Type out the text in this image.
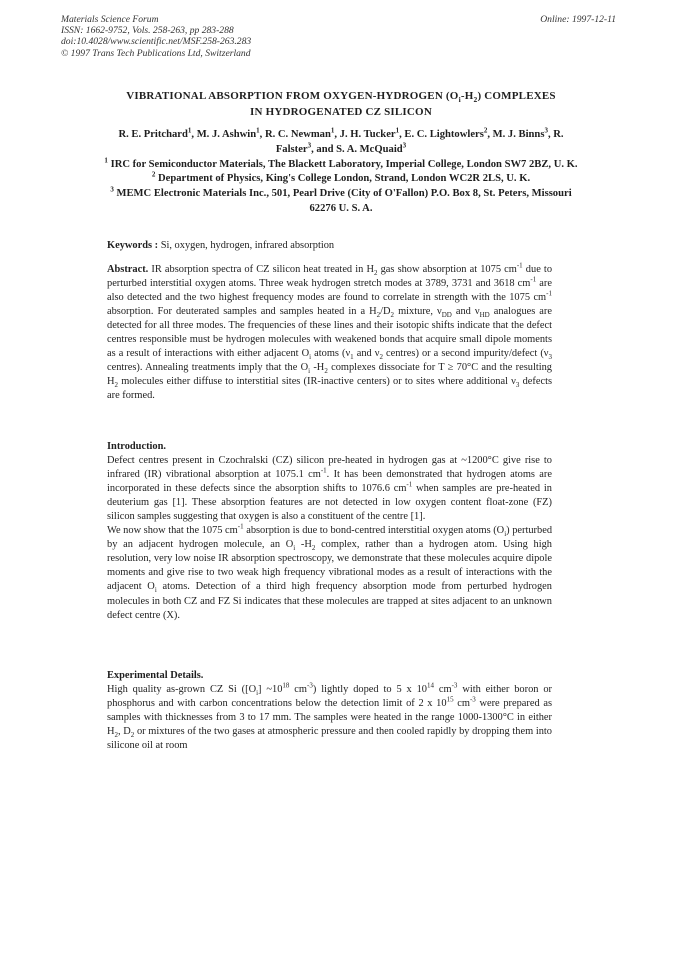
Materials Science Forum
ISSN: 1662-9752, Vols. 258-263, pp 283-288
doi:10.4028/www.scientific.net/MSF.258-263.283
© 1997 Trans Tech Publications Ltd, Switzerland
Online: 1997-12-11
VIBRATIONAL ABSORPTION FROM OXYGEN-HYDROGEN $(O_i-H_2)$ COMPLEXES
IN HYDROGENATED CZ SILICON
R. E. Pritchard$^1$, M. J. Ashwin$^1$, R. C. Newman$^1$, J. H. Tucker$^1$, E. C. Lightowlers$^2$, M. J. Binns$^3$, R. Falster$^3$, and S. A. McQuaid$^3$
$^1$ IRC for Semiconductor Materials, The Blackett Laboratory, Imperial College, London SW7 2BZ, U. K.
$^2$ Department of Physics, King's College London, Strand, London WC2R 2LS, U. K.
$^3$ MEMC Electronic Materials Inc., 501, Pearl Drive (City of O'Fallon) P.O. Box 8, St. Peters, Missouri 62276 U. S. A.
Keywords : Si, oxygen, hydrogen, infrared absorption

Abstract. IR absorption spectra of CZ silicon heat treated in $H_2$ gas show absorption at 1075 $cm^{-1}$ due to perturbed interstitial oxygen atoms. Three weak hydrogen stretch modes at 3789, 3731 and 3618 $cm^{-1}$ are also detected and the two highest frequency modes are found to correlate in strength with the 1075 $cm^{-1}$ absorption. For deuterated samples and samples heated in a $H_2/D_2$ mixture, $\nu_{DD}$ and $\nu_{HD}$ analogues are detected for all three modes. The frequencies of these lines and their isotopic shifts indicate that the defect centres responsible must be hydrogen molecules with weakened bonds that acquire small dipole moments as a result of interactions with either adjacent $O_i$ atoms ($\nu_1$ and $\nu_2$ centres) or a second impurity/defect ($\nu_3$ centres). Annealing treatments imply that the $O_i$ $-H_2$ complexes dissociate for T ≥ 70°C and the resulting $H_2$ molecules either diffuse to interstitial sites (IR-inactive centers) or to sites where additional $\nu_3$ defects are formed.

Introduction.

Defect centres present in Czochralski (CZ) silicon pre-heated in hydrogen gas at ~1200°C give rise to infrared (IR) vibrational absorption at 1075.1 $cm^{-1}$. It has been demonstrated that hydrogen atoms are incorporated in these defects since the absorption shifts to 1076.6 $cm^{-1}$ when samples are pre-heated in deuterium gas [1]. These absorption features are not detected in low oxygen content float-zone (FZ) silicon samples suggesting that oxygen is also a constituent of the centre [1].

We now show that the 1075 $cm^{-1}$ absorption is due to bond-centred interstitial oxygen atoms $(O_i)$ perturbed by an adjacent hydrogen molecule, an $O_i$ $-H_2$ complex, rather than a hydrogen atom. Using high resolution, very low noise IR absorption spectroscopy, we demonstrate that these molecules acquire dipole moments and give rise to two weak high frequency vibrational modes as a result of interactions with the adjacent $O_i$ atoms. Detection of a third high frequency absorption mode from perturbed hydrogen molecules in both CZ and FZ Si indicates that these molecules are trapped at sites adjacent to an unknown defect centre (X).

Experimental Details.

High quality as-grown CZ Si ($[O_i]$ $\sim 10^{18}$ $cm^{-3}$) lightly doped to 5 x $10^{14}$ $cm^{-3}$ with either boron or phosphorus and with carbon concentrations below the detection limit of 2 x $10^{15}$ $cm^{-3}$ were prepared as samples with thicknesses from 3 to 17 mm. The samples were heated in the range 1000-1300°C in either $H_2$, $D_2$ or mixtures of the two gases at atmospheric pressure and then cooled rapidly by dropping them into silicone oil at room
